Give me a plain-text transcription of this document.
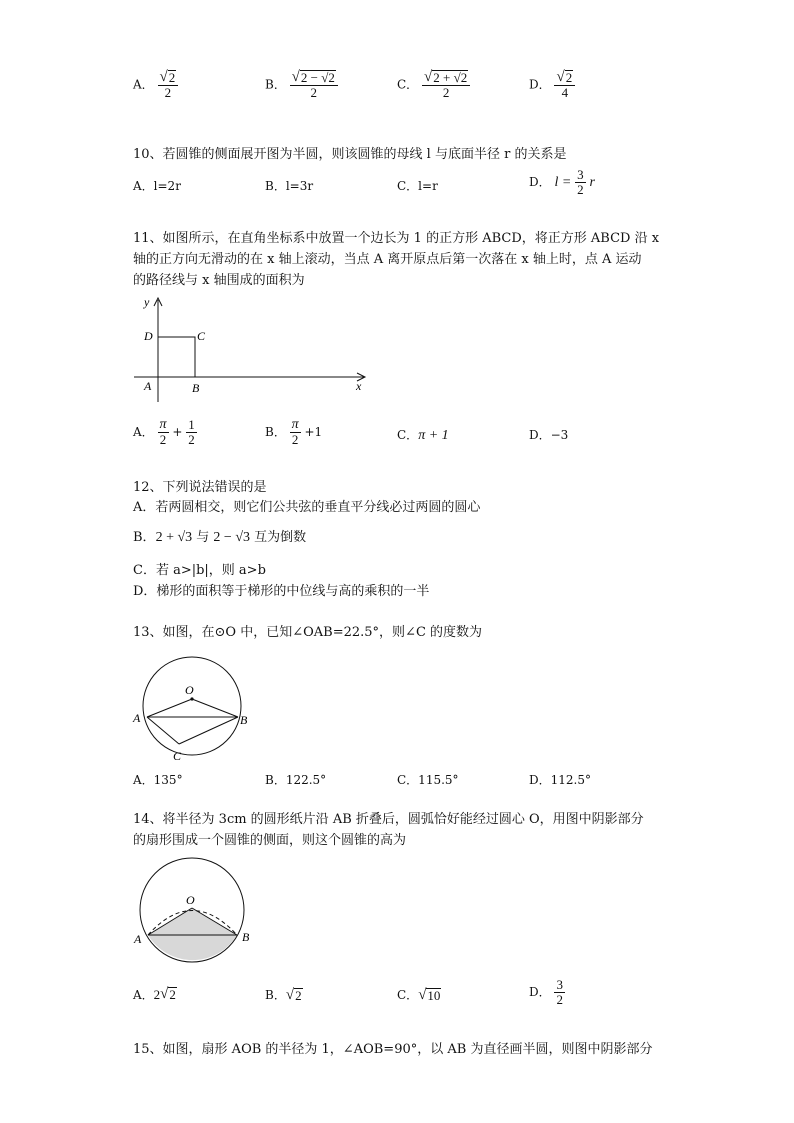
A． $\frac{√ 2}{2}$	B． $\frac{√ 2 - √2}{2}$	C． $\frac{√ 2 + √2}{2}$	D． $\frac{√ 2}{4}$
10、若圆锥的侧面展开图为半圆，则该圆锥的母线 l 与底面半径 r 的关系是
A．l=2r	B．l=3r	C．l=r	D． $l = \frac{3}{2}$ r
11、如图所示，在直角坐标系中放置一个边长为 1 的正方形 ABCD，将正方形 ABCD 沿 x
轴的正方向无滑动的在 x 轴上滚动，当点 A 离开原点后第一次落在 x 轴上时，点 A 运动
的路径线与 x 轴围成的面积为
y
x
D	C
A	B
A． $\frac{\pi}{2} + \frac{1}{2}$	B． $\frac{\pi}{2} +1$	C．π + 1	D．−3
12、下列说法错误的是
A．若两圆相交，则它们公共弦的垂直平分线必过两圆的圆心
B．2 + √3 与 2 − √3 互为倒数
C．若 a>|b|，则 a>b
D．梯形的面积等于梯形的中位线与高的乘积的一半
13、如图，在⊙O 中，已知∠OAB=22.5°，则∠C 的度数为
O
A	B
C
A．135°	B．122.5°	C．115.5°	D．112.5°
14、将半径为 3cm 的圆形纸片沿 AB 折叠后，圆弧恰好能经过圆心 O，用图中阴影部分
的扇形围成一个圆锥的侧面，则这个圆锥的高为
O
A	B
A． 2 √ 2	B． √ 2	C． √ 10	D． $\frac{3}{2}$
15、如图，扇形 AOB 的半径为 1，∠AOB=90°，以 AB 为直径画半圆，则图中阴影部分
